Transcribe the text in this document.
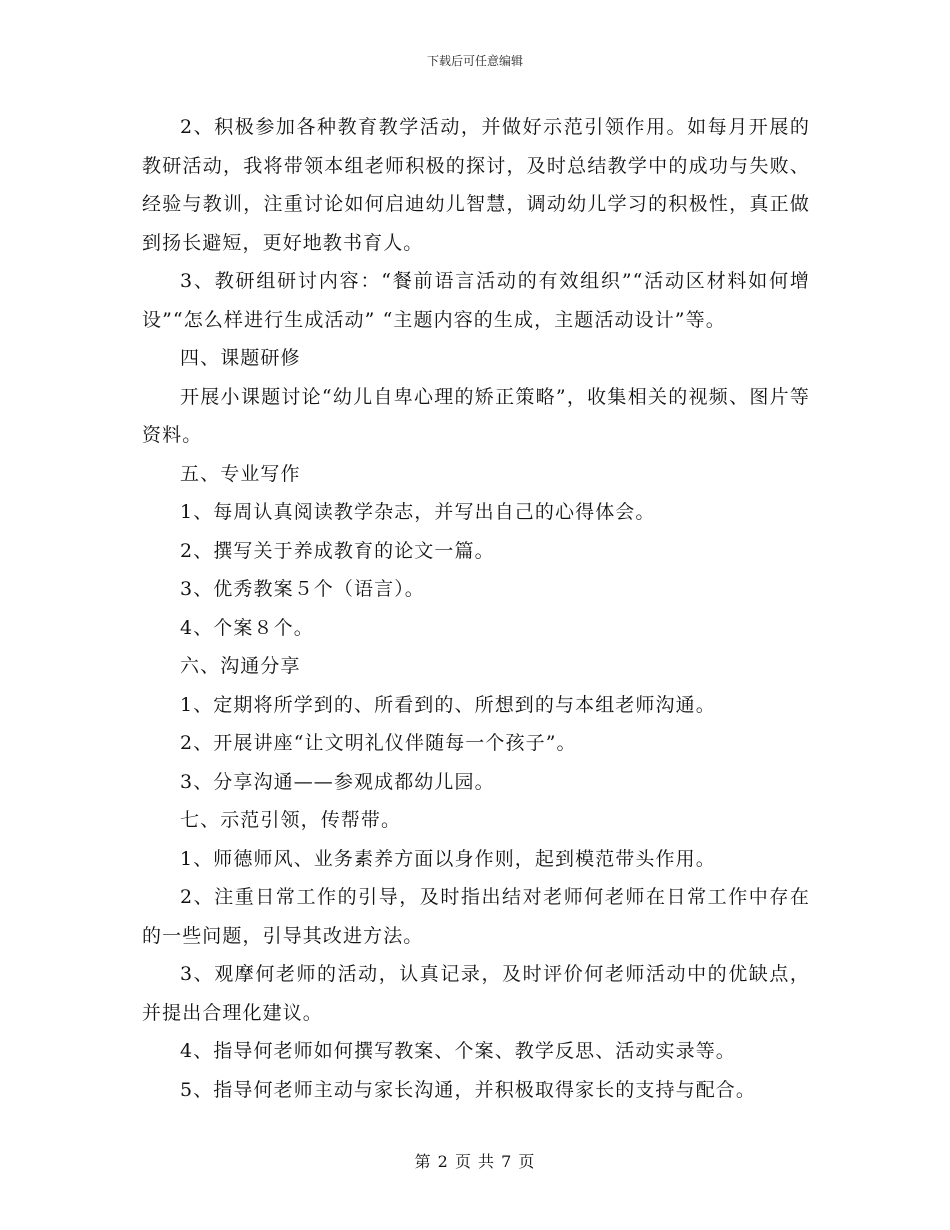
下载后可任意编辑

2、积极参加各种教育教学活动，并做好示范引领作用。如每月开展的教研活动，我将带领本组老师积极的探讨，及时总结教学中的成功与失败、经验与教训，注重讨论如何启迪幼儿智慧，调动幼儿学习的积极性，真正做到扬长避短，更好地教书育人。

3、教研组研讨内容：“餐前语言活动的有效组织”“活动区材料如何增设”“怎么样进行生成活动” “主题内容的生成，主题活动设计”等。

四、课题研修

开展小课题讨论“幼儿自卑心理的矫正策略”，收集相关的视频、图片等资料。

五、专业写作

1、每周认真阅读教学杂志，并写出自己的心得体会。

2、撰写关于养成教育的论文一篇。

3、优秀教案５个（语言）。

4、个案８个。

六、沟通分享

1、定期将所学到的、所看到的、所想到的与本组老师沟通。

2、开展讲座“让文明礼仪伴随每一个孩子”。

3、分享沟通——参观成都幼儿园。

七、示范引领，传帮带。

1、师德师风、业务素养方面以身作则，起到模范带头作用。

2、注重日常工作的引导，及时指出结对老师何老师在日常工作中存在的一些问题，引导其改进方法。

3、观摩何老师的活动，认真记录，及时评价何老师活动中的优缺点，并提出合理化建议。

4、指导何老师如何撰写教案、个案、教学反思、活动实录等。

5、指导何老师主动与家长沟通，并积极取得家长的支持与配合。

第 2 页 共 7 页
